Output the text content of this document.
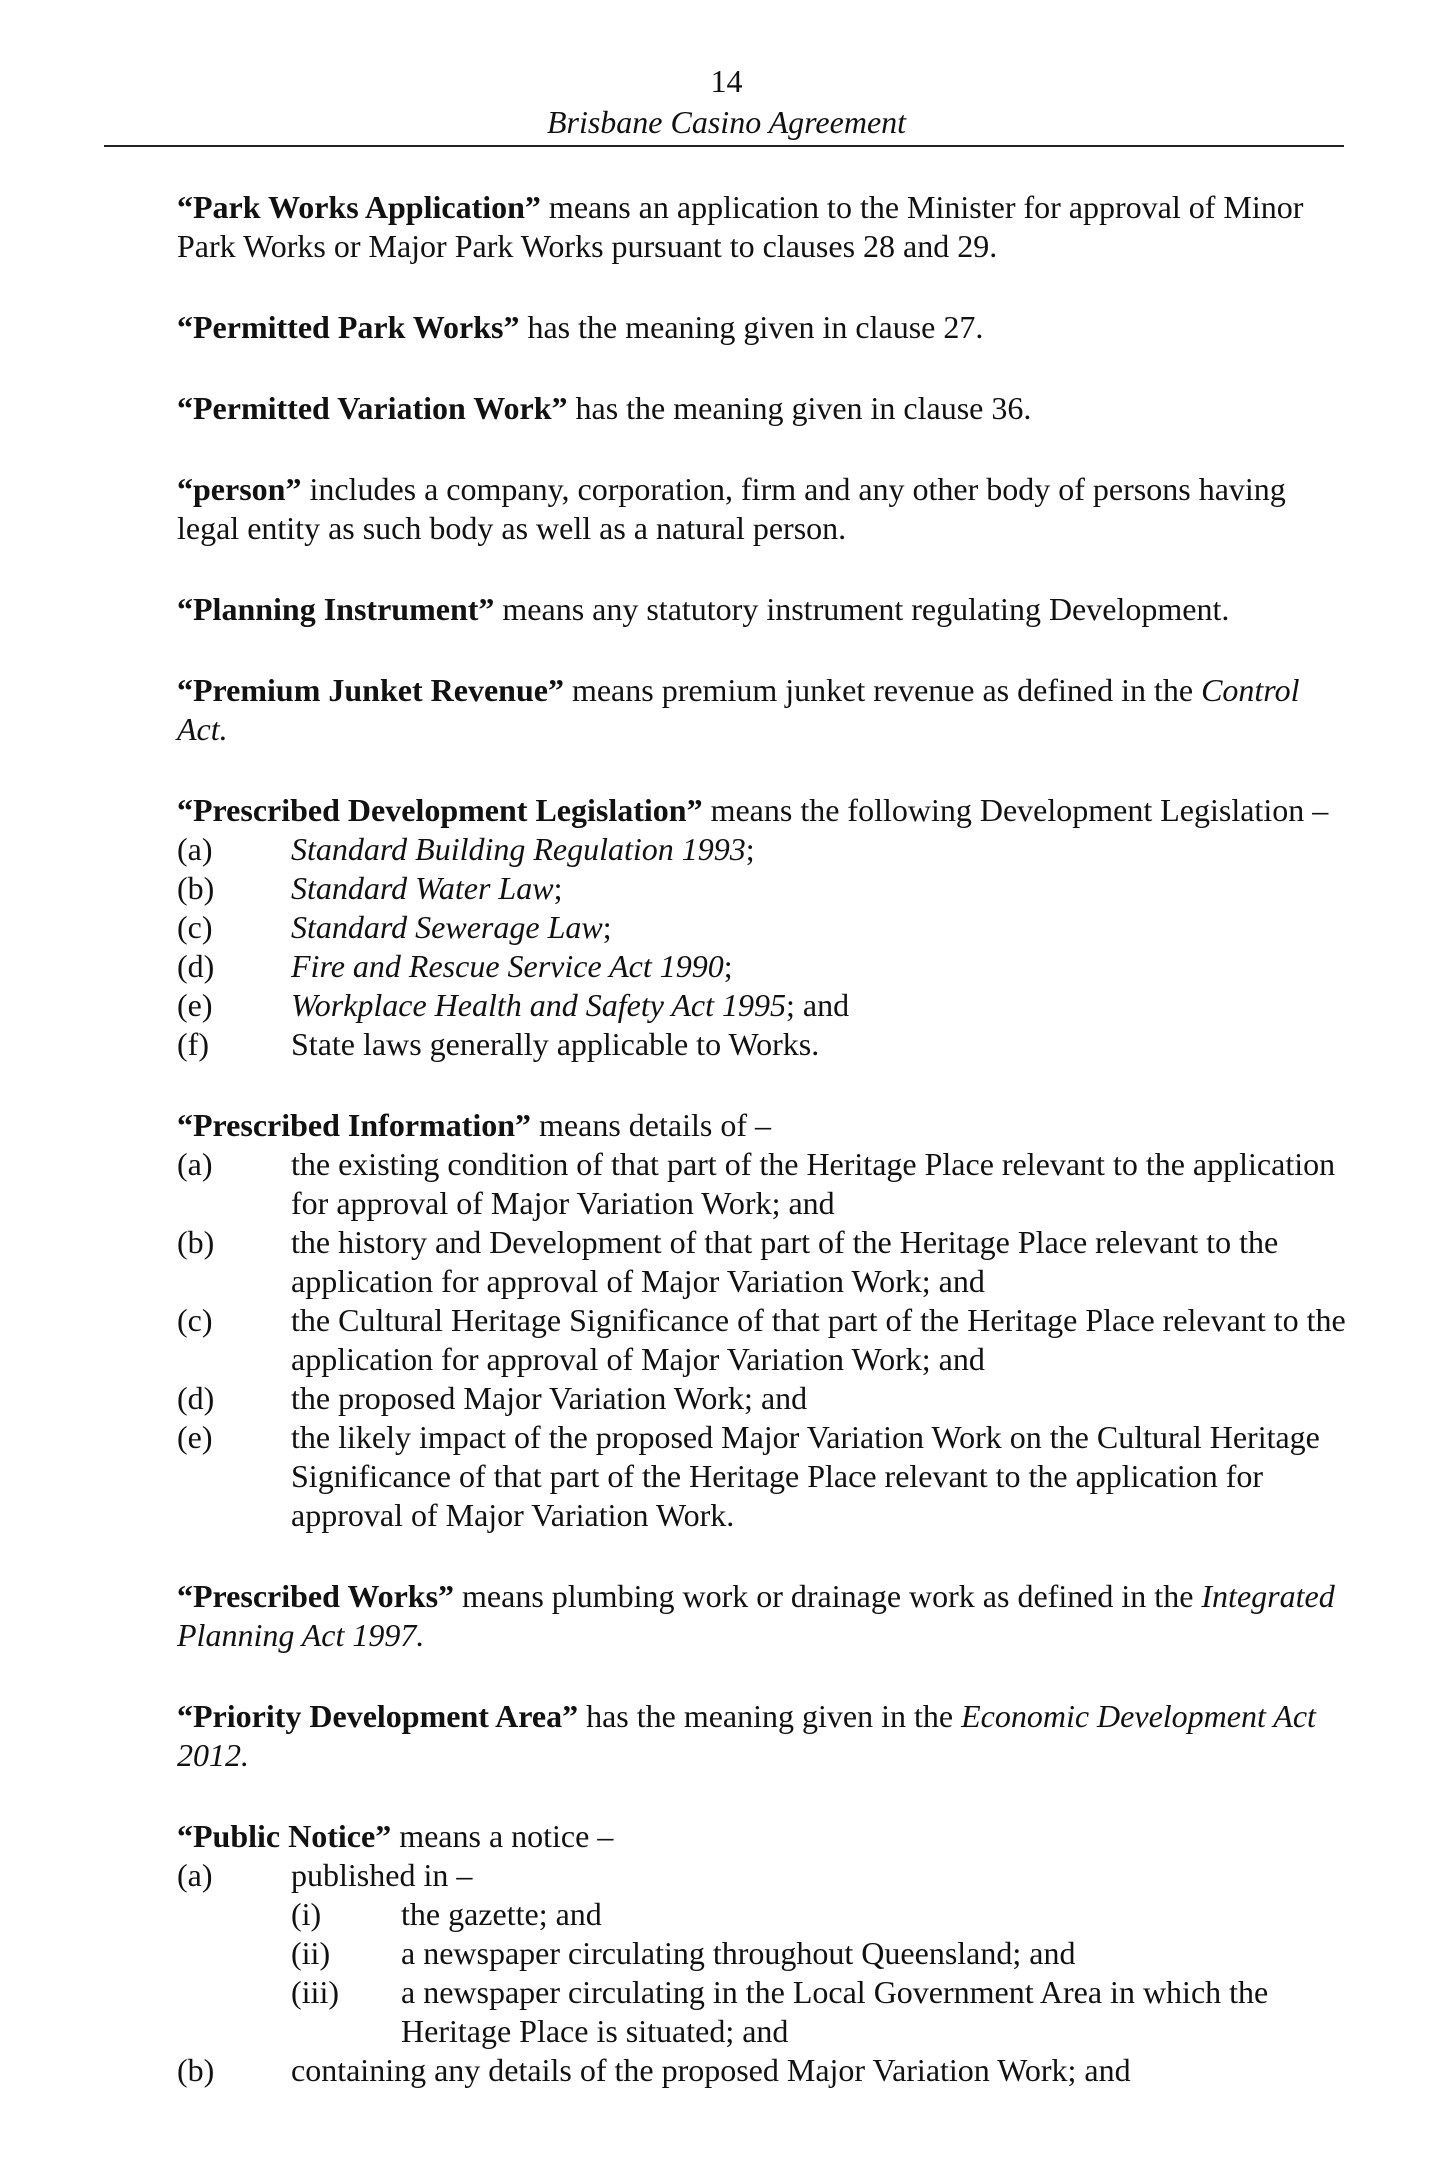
14
Brisbane Casino Agreement
“Park Works Application” means an application to the Minister for approval of Minor Park Works or Major Park Works pursuant to clauses 28 and 29.
“Permitted Park Works” has the meaning given in clause 27.
“Permitted Variation Work” has the meaning given in clause 36.
“person” includes a company, corporation, firm and any other body of persons having legal entity as such body as well as a natural person.
“Planning Instrument” means any statutory instrument regulating Development.
“Premium Junket Revenue” means premium junket revenue as defined in the Control Act.
“Prescribed Development Legislation” means the following Development Legislation –
(a) Standard Building Regulation 1993;
(b) Standard Water Law;
(c) Standard Sewerage Law;
(d) Fire and Rescue Service Act 1990;
(e) Workplace Health and Safety Act 1995; and
(f)	State laws generally applicable to Works.
“Prescribed Information” means details of –
(a) the existing condition of that part of the Heritage Place relevant to the application for approval of Major Variation Work; and
(b) the history and Development of that part of the Heritage Place relevant to the application for approval of Major Variation Work; and
(c) the Cultural Heritage Significance of that part of the Heritage Place relevant to the application for approval of Major Variation Work; and
(d) the proposed Major Variation Work; and
(e) the likely impact of the proposed Major Variation Work on the Cultural Heritage Significance of that part of the Heritage Place relevant to the application for approval of Major Variation Work.
“Prescribed Works” means plumbing work or drainage work as defined in the Integrated Planning Act 1997.
“Priority Development Area” has the meaning given in the Economic Development Act 2012.
“Public Notice” means a notice –
(a) published in –
(i) the gazette; and
(ii) a newspaper circulating throughout Queensland; and
(iii) a newspaper circulating in the Local Government Area in which the Heritage Place is situated; and
(b) containing any details of the proposed Major Variation Work; and
